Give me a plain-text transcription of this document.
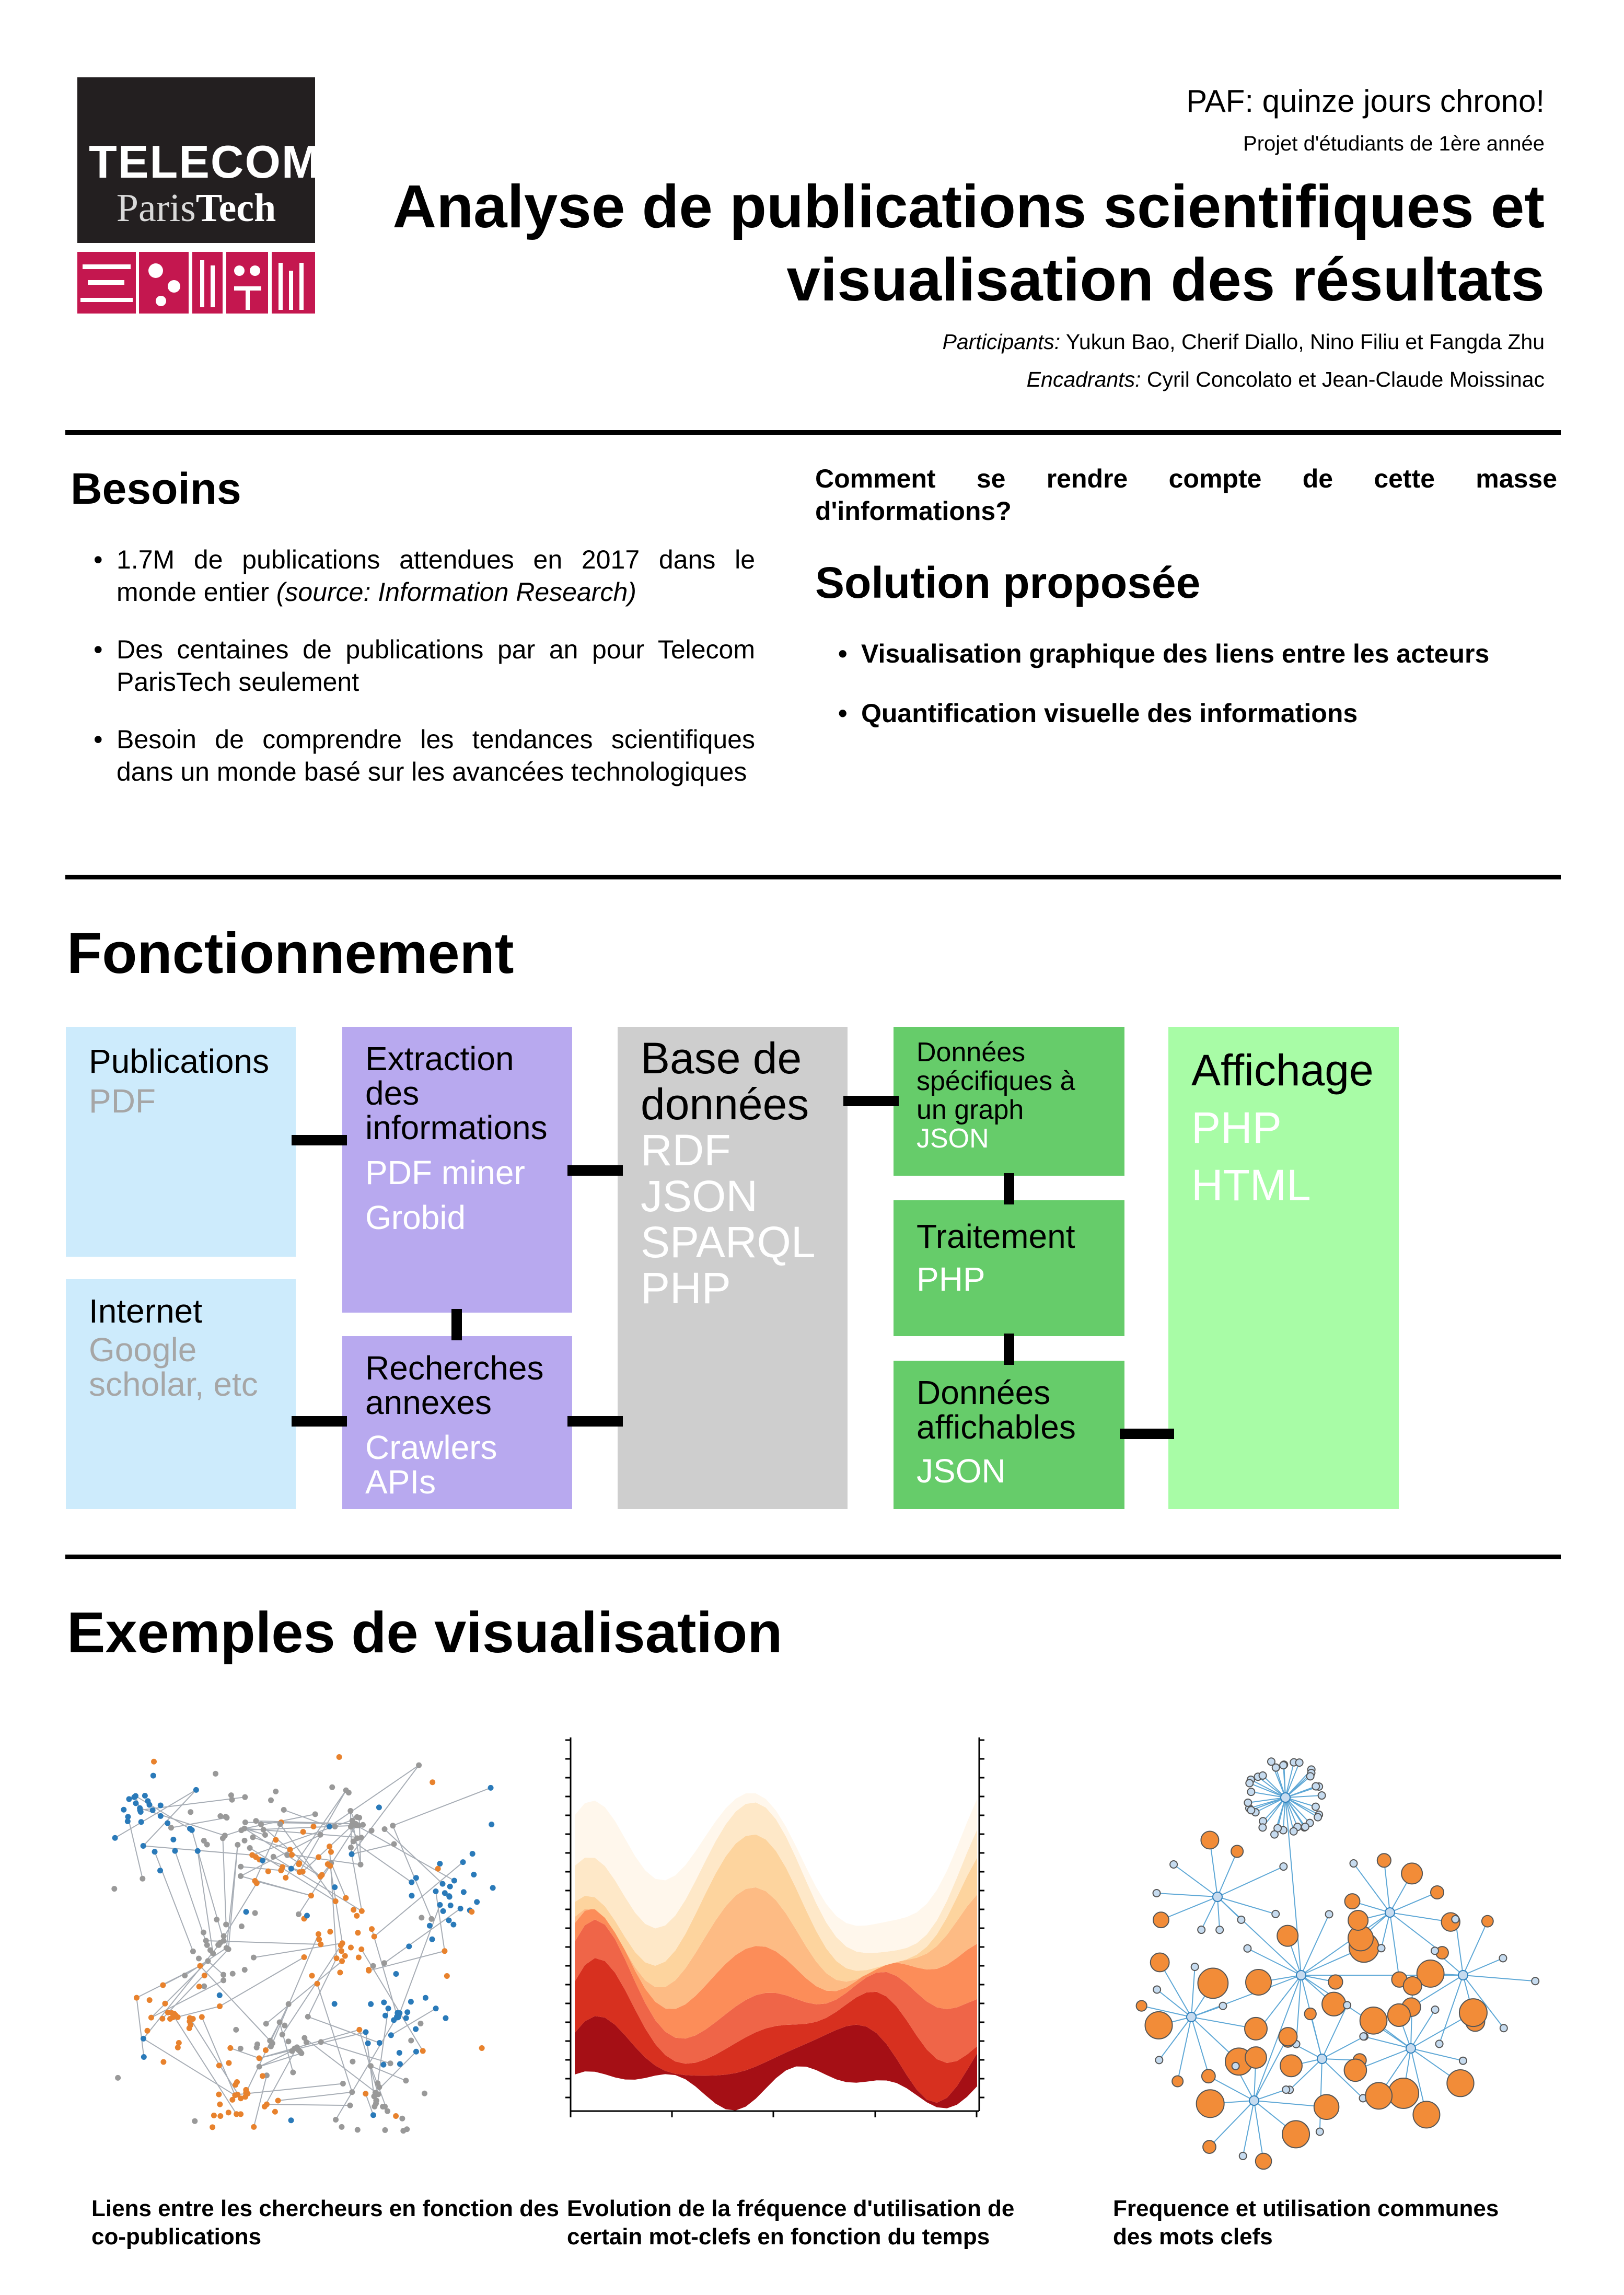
TELECOM
ParisTech
PAF: quinze jours chrono!
Projet d'étudiants de 1ère année
Analyse de publications scientifiques et
visualisation des résultats
Participants: Yukun Bao, Cherif Diallo, Nino Filiu et Fangda Zhu
Encadrants: Cyril Concolato et Jean-Claude Moissinac
Besoins
• 1.7M de publications attendues en 2017 dans le monde entier (source: Information Research)
• Des centaines de publications par an pour Telecom ParisTech seulement
• Besoin de comprendre les tendances scientifiques dans un monde basé sur les avancées technologiques
Comment se rendre compte de cette masse
d'informations?
Solution proposée
• Visualisation graphique des liens entre les acteurs
• Quantification visuelle des informations
Fonctionnement
Publications
PDF
Internet
Google
scholar, etc
Extraction
des
informations
PDF miner
Grobid
Recherches
annexes
Crawlers
APIs
Base de
données
RDF
JSON
SPARQL
PHP
Données
spécifiques à
un graph
JSON
Traitement
PHP
Données
affichables
JSON
Affichage
PHP
HTML
Exemples de visualisation
Liens entre les chercheurs en fonction des co-publications
Evolution de la fréquence d'utilisation de certain mot-clefs en fonction du temps
Frequence et utilisation communes des mots clefs
